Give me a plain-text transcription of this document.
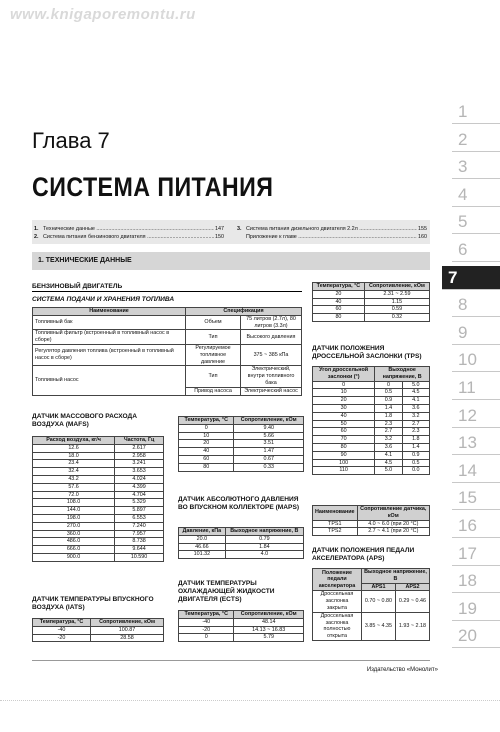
www.knigaporemontu.ru
Глава 7
СИСТЕМА ПИТАНИЯ
1. Технические данные .....	147
2. Система питания бензинового двигателя .....	150
3. Система питания дизельного двигателя 2.2л .....	155
Приложение к главе .....	160
1. ТЕХНИЧЕСКИЕ ДАННЫЕ
БЕНЗИНОВЫЙ ДВИГАТЕЛЬ
СИСТЕМА ПОДАЧИ И ХРАНЕНИЯ ТОПЛИВА
Наименование	Спецификация	
Топливный бак	Объем	75 литров (2.7л), 80 литров (3.3л)
Топливный фильтр (встроенный в топливный насос в сборе)	Тип	Высокого давления
Регулятор давления топлива (встроенный в топливный насос в сборе)	Регулируемое топливное давление	375 ~ 385 кПа
Топливный насос	Тип	Электрический, внутри топливного бака
	Привод насоса	Электрический насос
ДАТЧИК МАССОВОГО РАСХОДА ВОЗДУХА (MAFS)
Расход воздуха, кг/ч	Частота, Гц
12.6	2.617
18.0	2.958
23.4	3.241
32.4	3.653
43.2	4.024
57.6	4.399
72.0	4.704
108.0	5.329
144.0	5.897
198.0	6.553
270.0	7.240
360.0	7.957
486.0	8.738
666.0	9.644
900.0	10.590
ДАТЧИК ТЕМПЕРАТУРЫ ВПУСКНОГО ВОЗДУХА (IATS)
Температура, °C	Сопротивление, кОм
-40	100.87
-20	28.58
Температура, °C	Сопротивление, кОм
0	9.40
10	5.66
20	3.51
40	1.47
60	0.67
80	0.33
ДАТЧИК АБСОЛЮТНОГО ДАВЛЕНИЯ ВО ВПУСКНОМ КОЛЛЕКТОРЕ (MAPS)
Давление, кПа	Выходное напряжение, В
20.0	0.79
46.66	1.84
101.32	4.0
ДАТЧИК ТЕМПЕРАТУРЫ ОХЛАЖДАЮЩЕЙ ЖИДКОСТИ ДВИГАТЕЛЯ (ECTS)
Температура, °C	Сопротивление, кОм
-40	48.14
-20	14.13 ~ 16.83
0	5.79
Температура, °C	Сопротивление, кОм
20	2.31 ~ 2.59
40	1.15
60	0.59
80	0.32
ДАТЧИК ПОЛОЖЕНИЯ ДРОССЕЛЬНОЙ ЗАСЛОНКИ (TPS)
Угол дроссельной заслонки (°)	Выходное напряжение, В	
0	0	5.0
10	0.5	4.5
20	0.9	4.1
30	1.4	3.6
40	1.8	3.2
50	2.3	2.7
60	2.7	2.3
70	3.2	1.8
80	3.6	1.4
90	4.1	0.9
100	4.5	0.5
110	5.0	0.0
Наименование	Сопротивление датчика, кОм
TPS1	4.0 ~ 6.0 (при 20 °C)
TPS2	2.7 ~ 4.1 (при 20 °C)
ДАТЧИК ПОЛОЖЕНИЯ ПЕДАЛИ АКСЕЛЕРАТОРА (APS)
Положение педали акселератора	Выходное напряжение, В	
	APS1	APS2
Дроссельная заслонка закрыта	0.70 ~ 0.80	0.29 ~ 0.46
Дроссельная заслонка полностью открыта	3.85 ~ 4.35	1.93 ~ 2.18
1
2
3
4
5
6
7
8
9
10
11
12
13
14
15
16
17
18
19
20
Издательство «Монолит»
